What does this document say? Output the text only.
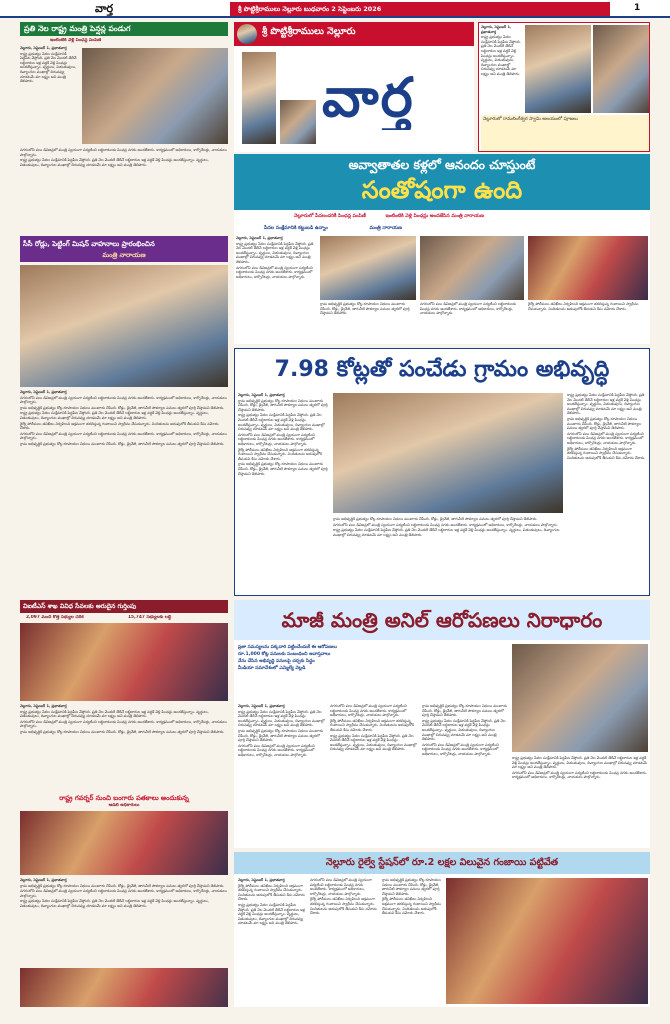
వార్త	శ్రీ పొట్టిశ్రీరాములు నెల్లూరు బుధవారం 2 సెప్టెంబరు 2026	1
ప్రతి నెల రాష్ట్ర మంత్రి పెన్షన్ల పండుగ
ఇంటింటికి వెళ్లి పింఛన్ల పంపిణీ

నెల్లూరు, సెప్టెంబర్ 1, ప్రభాతవార్త

రాష్ట్ర ప్రభుత్వం పేదల సంక్షేమానికి పెద్దపీట వేస్తోంది. ప్రతి నెల మొదటి తేదీనే లబ్ధిదారుల ఇళ్ల వద్దకే వెళ్లి పింఛన్లు అందజేస్తున్నాం. వృద్ధులు, వితంతువులు, దివ్యాంగుల ముఖాల్లో చిరునవ్వు చూడటమే మా లక్ష్యం అని మంత్రి తెలిపారు.

నగరంలోని పలు డివిజన్లలో మంత్రి స్వయంగా పర్యటించి లబ్ధిదారులకు పింఛన్ల నగదు అందజేశారు. కార్యక్రమంలో అధికారులు, కార్పొరేటర్లు, నాయకులు పాల్గొన్నారు.

రాష్ట్ర ప్రభుత్వం పేదల సంక్షేమానికి పెద్దపీట వేస్తోంది. ప్రతి నెల మొదటి తేదీనే లబ్ధిదారుల ఇళ్ల వద్దకే వెళ్లి పింఛన్లు అందజేస్తున్నాం. వృద్ధులు, వితంతువులు, దివ్యాంగుల ముఖాల్లో చిరునవ్వు చూడటమే మా లక్ష్యం అని మంత్రి తెలిపారు.

సీసీ రోడ్లు, పెట్టింగ్ మిషన్ వాహనాలు ప్రారంభించిన
మంత్రి నారాయణ

నెల్లూరు, సెప్టెంబర్ 1, ప్రభాతవార్త

నగరంలోని పలు డివిజన్లలో మంత్రి స్వయంగా పర్యటించి లబ్ధిదారులకు పింఛన్ల నగదు అందజేశారు. కార్యక్రమంలో అధికారులు, కార్పొరేటర్లు, నాయకులు పాల్గొన్నారు.

గ్రామ అభివృద్ధికి ప్రభుత్వం కోట్ల రూపాయల నిధులు మంజూరు చేసింది. రోడ్లు, డ్రైనేజీ, తాగునీటి సౌకర్యాల పనులు త్వరలో పూర్తి చేస్తామని తెలిపారు.

రాష్ట్ర ప్రభుత్వం పేదల సంక్షేమానికి పెద్దపీట వేస్తోంది. ప్రతి నెల మొదటి తేదీనే లబ్ధిదారుల ఇళ్ల వద్దకే వెళ్లి పింఛన్లు అందజేస్తున్నాం. వృద్ధులు, వితంతువులు, దివ్యాంగుల ముఖాల్లో చిరునవ్వు చూడటమే మా లక్ష్యం అని మంత్రి తెలిపారు.

రైల్వే పోలీసులు తనిఖీలు నిర్వహించి అక్రమంగా తరలిస్తున్న గంజాయిని స్వాధీనం చేసుకున్నారు. నిందితులను అదుపులోకి తీసుకుని కేసు నమోదు చేశారు.

నగరంలోని పలు డివిజన్లలో మంత్రి స్వయంగా పర్యటించి లబ్ధిదారులకు పింఛన్ల నగదు అందజేశారు. కార్యక్రమంలో అధికారులు, కార్పొరేటర్లు, నాయకులు పాల్గొన్నారు.

గ్రామ అభివృద్ధికి ప్రభుత్వం కోట్ల రూపాయల నిధులు మంజూరు చేసింది. రోడ్లు, డ్రైనేజీ, తాగునీటి సౌకర్యాల పనులు త్వరలో పూర్తి చేస్తామని తెలిపారు.

విఐటీఎస్ శాఖ వివిధ సేవలకు అరుదైన గుర్తింపు
2,097 మంది కొత్త సభ్యుల చేరిక	15,747 సభ్యులకు లబ్ధి

నెల్లూరు, సెప్టెంబర్ 1, ప్రభాతవార్త

రాష్ట్ర ప్రభుత్వం పేదల సంక్షేమానికి పెద్దపీట వేస్తోంది. ప్రతి నెల మొదటి తేదీనే లబ్ధిదారుల ఇళ్ల వద్దకే వెళ్లి పింఛన్లు అందజేస్తున్నాం. వృద్ధులు, వితంతువులు, దివ్యాంగుల ముఖాల్లో చిరునవ్వు చూడటమే మా లక్ష్యం అని మంత్రి తెలిపారు.

నగరంలోని పలు డివిజన్లలో మంత్రి స్వయంగా పర్యటించి లబ్ధిదారులకు పింఛన్ల నగదు అందజేశారు. కార్యక్రమంలో అధికారులు, కార్పొరేటర్లు, నాయకులు పాల్గొన్నారు.

గ్రామ అభివృద్ధికి ప్రభుత్వం కోట్ల రూపాయల నిధులు మంజూరు చేసింది. రోడ్లు, డ్రైనేజీ, తాగునీటి సౌకర్యాల పనులు త్వరలో పూర్తి చేస్తామని తెలిపారు.

రాష్ట్ర గవర్నర్ నుంచి బంగారు పతకాలు అందుకున్న
ఆడిట్ అధికారులు

నెల్లూరు, సెప్టెంబర్ 1, ప్రభాతవార్త

గ్రామ అభివృద్ధికి ప్రభుత్వం కోట్ల రూపాయల నిధులు మంజూరు చేసింది. రోడ్లు, డ్రైనేజీ, తాగునీటి సౌకర్యాల పనులు త్వరలో పూర్తి చేస్తామని తెలిపారు.

నగరంలోని పలు డివిజన్లలో మంత్రి స్వయంగా పర్యటించి లబ్ధిదారులకు పింఛన్ల నగదు అందజేశారు. కార్యక్రమంలో అధికారులు, కార్పొరేటర్లు, నాయకులు పాల్గొన్నారు.

రాష్ట్ర ప్రభుత్వం పేదల సంక్షేమానికి పెద్దపీట వేస్తోంది. ప్రతి నెల మొదటి తేదీనే లబ్ధిదారుల ఇళ్ల వద్దకే వెళ్లి పింఛన్లు అందజేస్తున్నాం. వృద్ధులు, వితంతువులు, దివ్యాంగుల ముఖాల్లో చిరునవ్వు చూడటమే మా లక్ష్యం అని మంత్రి తెలిపారు.

శ్రీ పొట్టిశ్రీరాములు నెల్లూరు
వార్త

నెల్లూరు, సెప్టెంబర్ 1, ప్రభాతవార్త

రాష్ట్ర ప్రభుత్వం పేదల సంక్షేమానికి పెద్దపీట వేస్తోంది. ప్రతి నెల మొదటి తేదీనే లబ్ధిదారుల ఇళ్ల వద్దకే వెళ్లి పింఛన్లు అందజేస్తున్నాం. వృద్ధులు, వితంతువులు, దివ్యాంగుల ముఖాల్లో చిరునవ్వు చూడటమే మా లక్ష్యం అని మంత్రి తెలిపారు.

నెల్లూరులో రామలింగేశ్వర స్వామి ఆలయంలో పూజలు
అవ్వాతాతల కళ్లలో ఆనందం చూస్తుంటే
సంతోషంగా ఉంది
నెల్లూరులో పేదలందరికీ పింఛన్ల పంపిణీ	ఇంటింటికి వెళ్లి పింఛన్లు అందజేసిన మంత్రి నారాయణ
పేదల సంక్షేమానికి కట్టుబడి ఉన్నాం	మంత్రి నారాయణ

నెల్లూరు, సెప్టెంబర్ 1, ప్రభాతవార్త

రాష్ట్ర ప్రభుత్వం పేదల సంక్షేమానికి పెద్దపీట వేస్తోంది. ప్రతి నెల మొదటి తేదీనే లబ్ధిదారుల ఇళ్ల వద్దకే వెళ్లి పింఛన్లు అందజేస్తున్నాం. వృద్ధులు, వితంతువులు, దివ్యాంగుల ముఖాల్లో చిరునవ్వు చూడటమే మా లక్ష్యం అని మంత్రి తెలిపారు.

నగరంలోని పలు డివిజన్లలో మంత్రి స్వయంగా పర్యటించి లబ్ధిదారులకు పింఛన్ల నగదు అందజేశారు. కార్యక్రమంలో అధికారులు, కార్పొరేటర్లు, నాయకులు పాల్గొన్నారు.

గ్రామ అభివృద్ధికి ప్రభుత్వం కోట్ల రూపాయల నిధులు మంజూరు చేసింది. రోడ్లు, డ్రైనేజీ, తాగునీటి సౌకర్యాల పనులు త్వరలో పూర్తి చేస్తామని తెలిపారు.

నగరంలోని పలు డివిజన్లలో మంత్రి స్వయంగా పర్యటించి లబ్ధిదారులకు పింఛన్ల నగదు అందజేశారు. కార్యక్రమంలో అధికారులు, కార్పొరేటర్లు, నాయకులు పాల్గొన్నారు.

రైల్వే పోలీసులు తనిఖీలు నిర్వహించి అక్రమంగా తరలిస్తున్న గంజాయిని స్వాధీనం చేసుకున్నారు. నిందితులను అదుపులోకి తీసుకుని కేసు నమోదు చేశారు.

7.98 కోట్లతో పంచేడు గ్రామం అభివృద్ధి

నెల్లూరు, సెప్టెంబర్ 1, ప్రభాతవార్త

గ్రామ అభివృద్ధికి ప్రభుత్వం కోట్ల రూపాయల నిధులు మంజూరు చేసింది. రోడ్లు, డ్రైనేజీ, తాగునీటి సౌకర్యాల పనులు త్వరలో పూర్తి చేస్తామని తెలిపారు.

రాష్ట్ర ప్రభుత్వం పేదల సంక్షేమానికి పెద్దపీట వేస్తోంది. ప్రతి నెల మొదటి తేదీనే లబ్ధిదారుల ఇళ్ల వద్దకే వెళ్లి పింఛన్లు అందజేస్తున్నాం. వృద్ధులు, వితంతువులు, దివ్యాంగుల ముఖాల్లో చిరునవ్వు చూడటమే మా లక్ష్యం అని మంత్రి తెలిపారు.

నగరంలోని పలు డివిజన్లలో మంత్రి స్వయంగా పర్యటించి లబ్ధిదారులకు పింఛన్ల నగదు అందజేశారు. కార్యక్రమంలో అధికారులు, కార్పొరేటర్లు, నాయకులు పాల్గొన్నారు.

రైల్వే పోలీసులు తనిఖీలు నిర్వహించి అక్రమంగా తరలిస్తున్న గంజాయిని స్వాధీనం చేసుకున్నారు. నిందితులను అదుపులోకి తీసుకుని కేసు నమోదు చేశారు.

గ్రామ అభివృద్ధికి ప్రభుత్వం కోట్ల రూపాయల నిధులు మంజూరు చేసింది. రోడ్లు, డ్రైనేజీ, తాగునీటి సౌకర్యాల పనులు త్వరలో పూర్తి చేస్తామని తెలిపారు.

గ్రామ అభివృద్ధికి ప్రభుత్వం కోట్ల రూపాయల నిధులు మంజూరు చేసింది. రోడ్లు, డ్రైనేజీ, తాగునీటి సౌకర్యాల పనులు త్వరలో పూర్తి చేస్తామని తెలిపారు.

నగరంలోని పలు డివిజన్లలో మంత్రి స్వయంగా పర్యటించి లబ్ధిదారులకు పింఛన్ల నగదు అందజేశారు. కార్యక్రమంలో అధికారులు, కార్పొరేటర్లు, నాయకులు పాల్గొన్నారు.

రాష్ట్ర ప్రభుత్వం పేదల సంక్షేమానికి పెద్దపీట వేస్తోంది. ప్రతి నెల మొదటి తేదీనే లబ్ధిదారుల ఇళ్ల వద్దకే వెళ్లి పింఛన్లు అందజేస్తున్నాం. వృద్ధులు, వితంతువులు, దివ్యాంగుల ముఖాల్లో చిరునవ్వు చూడటమే మా లక్ష్యం అని మంత్రి తెలిపారు.

రాష్ట్ర ప్రభుత్వం పేదల సంక్షేమానికి పెద్దపీట వేస్తోంది. ప్రతి నెల మొదటి తేదీనే లబ్ధిదారుల ఇళ్ల వద్దకే వెళ్లి పింఛన్లు అందజేస్తున్నాం. వృద్ధులు, వితంతువులు, దివ్యాంగుల ముఖాల్లో చిరునవ్వు చూడటమే మా లక్ష్యం అని మంత్రి తెలిపారు.

గ్రామ అభివృద్ధికి ప్రభుత్వం కోట్ల రూపాయల నిధులు మంజూరు చేసింది. రోడ్లు, డ్రైనేజీ, తాగునీటి సౌకర్యాల పనులు త్వరలో పూర్తి చేస్తామని తెలిపారు.

నగరంలోని పలు డివిజన్లలో మంత్రి స్వయంగా పర్యటించి లబ్ధిదారులకు పింఛన్ల నగదు అందజేశారు. కార్యక్రమంలో అధికారులు, కార్పొరేటర్లు, నాయకులు పాల్గొన్నారు.

రైల్వే పోలీసులు తనిఖీలు నిర్వహించి అక్రమంగా తరలిస్తున్న గంజాయిని స్వాధీనం చేసుకున్నారు. నిందితులను అదుపులోకి తీసుకుని కేసు నమోదు చేశారు.

మాజీ మంత్రి అనిల్ ఆరోపణలు నిరాధారం
ప్రజా సమస్యలను పక్కదారి పట్టించేందుకే ఈ ఆరోపణలు
రూ.1,000 కోట్ల పనులకు సంబంధించి అవాస్తవాలు
నేను చేసిన అభివృద్ధి పనులపై చర్చకు సిద్ధం
మీడియా సమావేశంలో ఎమ్మెల్యే వెల్లడి

నెల్లూరు, సెప్టెంబర్ 1, ప్రభాతవార్త

రాష్ట్ర ప్రభుత్వం పేదల సంక్షేమానికి పెద్దపీట వేస్తోంది. ప్రతి నెల మొదటి తేదీనే లబ్ధిదారుల ఇళ్ల వద్దకే వెళ్లి పింఛన్లు అందజేస్తున్నాం. వృద్ధులు, వితంతువులు, దివ్యాంగుల ముఖాల్లో చిరునవ్వు చూడటమే మా లక్ష్యం అని మంత్రి తెలిపారు.

గ్రామ అభివృద్ధికి ప్రభుత్వం కోట్ల రూపాయల నిధులు మంజూరు చేసింది. రోడ్లు, డ్రైనేజీ, తాగునీటి సౌకర్యాల పనులు త్వరలో పూర్తి చేస్తామని తెలిపారు.

నగరంలోని పలు డివిజన్లలో మంత్రి స్వయంగా పర్యటించి లబ్ధిదారులకు పింఛన్ల నగదు అందజేశారు. కార్యక్రమంలో అధికారులు, కార్పొరేటర్లు, నాయకులు పాల్గొన్నారు.

నగరంలోని పలు డివిజన్లలో మంత్రి స్వయంగా పర్యటించి లబ్ధిదారులకు పింఛన్ల నగదు అందజేశారు. కార్యక్రమంలో అధికారులు, కార్పొరేటర్లు, నాయకులు పాల్గొన్నారు.

రైల్వే పోలీసులు తనిఖీలు నిర్వహించి అక్రమంగా తరలిస్తున్న గంజాయిని స్వాధీనం చేసుకున్నారు. నిందితులను అదుపులోకి తీసుకుని కేసు నమోదు చేశారు.

రాష్ట్ర ప్రభుత్వం పేదల సంక్షేమానికి పెద్దపీట వేస్తోంది. ప్రతి నెల మొదటి తేదీనే లబ్ధిదారుల ఇళ్ల వద్దకే వెళ్లి పింఛన్లు అందజేస్తున్నాం. వృద్ధులు, వితంతువులు, దివ్యాంగుల ముఖాల్లో చిరునవ్వు చూడటమే మా లక్ష్యం అని మంత్రి తెలిపారు.

గ్రామ అభివృద్ధికి ప్రభుత్వం కోట్ల రూపాయల నిధులు మంజూరు చేసింది. రోడ్లు, డ్రైనేజీ, తాగునీటి సౌకర్యాల పనులు త్వరలో పూర్తి చేస్తామని తెలిపారు.

రాష్ట్ర ప్రభుత్వం పేదల సంక్షేమానికి పెద్దపీట వేస్తోంది. ప్రతి నెల మొదటి తేదీనే లబ్ధిదారుల ఇళ్ల వద్దకే వెళ్లి పింఛన్లు అందజేస్తున్నాం. వృద్ధులు, వితంతువులు, దివ్యాంగుల ముఖాల్లో చిరునవ్వు చూడటమే మా లక్ష్యం అని మంత్రి తెలిపారు.

నగరంలోని పలు డివిజన్లలో మంత్రి స్వయంగా పర్యటించి లబ్ధిదారులకు పింఛన్ల నగదు అందజేశారు. కార్యక్రమంలో అధికారులు, కార్పొరేటర్లు, నాయకులు పాల్గొన్నారు.

రాష్ట్ర ప్రభుత్వం పేదల సంక్షేమానికి పెద్దపీట వేస్తోంది. ప్రతి నెల మొదటి తేదీనే లబ్ధిదారుల ఇళ్ల వద్దకే వెళ్లి పింఛన్లు అందజేస్తున్నాం. వృద్ధులు, వితంతువులు, దివ్యాంగుల ముఖాల్లో చిరునవ్వు చూడటమే మా లక్ష్యం అని మంత్రి తెలిపారు.

నగరంలోని పలు డివిజన్లలో మంత్రి స్వయంగా పర్యటించి లబ్ధిదారులకు పింఛన్ల నగదు అందజేశారు. కార్యక్రమంలో అధికారులు, కార్పొరేటర్లు, నాయకులు పాల్గొన్నారు.

నెల్లూరు రైల్వే స్టేషన్‌లో రూ.2 లక్షల విలువైన గంజాయి పట్టివేత

నెల్లూరు, సెప్టెంబర్ 1, ప్రభాతవార్త

రైల్వే పోలీసులు తనిఖీలు నిర్వహించి అక్రమంగా తరలిస్తున్న గంజాయిని స్వాధీనం చేసుకున్నారు. నిందితులను అదుపులోకి తీసుకుని కేసు నమోదు చేశారు.

రాష్ట్ర ప్రభుత్వం పేదల సంక్షేమానికి పెద్దపీట వేస్తోంది. ప్రతి నెల మొదటి తేదీనే లబ్ధిదారుల ఇళ్ల వద్దకే వెళ్లి పింఛన్లు అందజేస్తున్నాం. వృద్ధులు, వితంతువులు, దివ్యాంగుల ముఖాల్లో చిరునవ్వు చూడటమే మా లక్ష్యం అని మంత్రి తెలిపారు.

నగరంలోని పలు డివిజన్లలో మంత్రి స్వయంగా పర్యటించి లబ్ధిదారులకు పింఛన్ల నగదు అందజేశారు. కార్యక్రమంలో అధికారులు, కార్పొరేటర్లు, నాయకులు పాల్గొన్నారు.

రైల్వే పోలీసులు తనిఖీలు నిర్వహించి అక్రమంగా తరలిస్తున్న గంజాయిని స్వాధీనం చేసుకున్నారు. నిందితులను అదుపులోకి తీసుకుని కేసు నమోదు చేశారు.

గ్రామ అభివృద్ధికి ప్రభుత్వం కోట్ల రూపాయల నిధులు మంజూరు చేసింది. రోడ్లు, డ్రైనేజీ, తాగునీటి సౌకర్యాల పనులు త్వరలో పూర్తి చేస్తామని తెలిపారు.

రైల్వే పోలీసులు తనిఖీలు నిర్వహించి అక్రమంగా తరలిస్తున్న గంజాయిని స్వాధీనం చేసుకున్నారు. నిందితులను అదుపులోకి తీసుకుని కేసు నమోదు చేశారు.
